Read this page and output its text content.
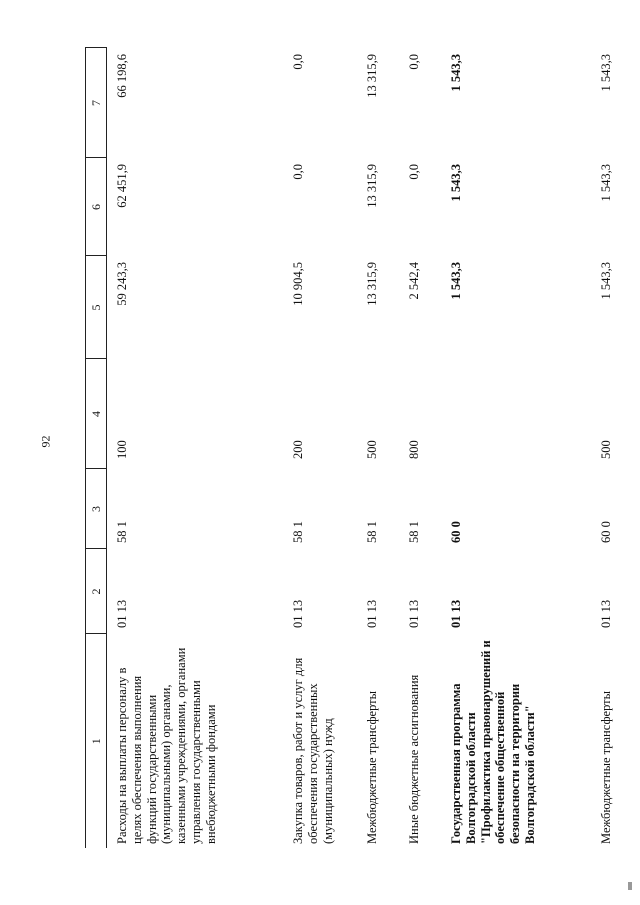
92
1	2	3	4	5	6	7
Расходы на выплаты персоналу в целях обеспечения выполнения функций государственными (муниципальными) органами, казенными учреждениями, органами управления государственными внебюджетными фондами	01 13	58 1	100	59 243,3	62 451,9	66 198,6
Закупка товаров, работ и услуг для обеспечения государственных (муниципальных) нужд	01 13	58 1	200	10 904,5	0,0	0,0
Межбюджетные трансферты	01 13	58 1	500	13 315,9	13 315,9	13 315,9
Иные бюджетные ассигнования	01 13	58 1	800	2 542,4	0,0	0,0
Государственная программа Волгоградской области "Профилактика правонарушений и обеспечение общественной безопасности на территории Волгоградской области"	01 13	60 0		1 543,3	1 543,3	1 543,3
Межбюджетные трансферты	01 13	60 0	500	1 543,3	1 543,3	1 543,3
